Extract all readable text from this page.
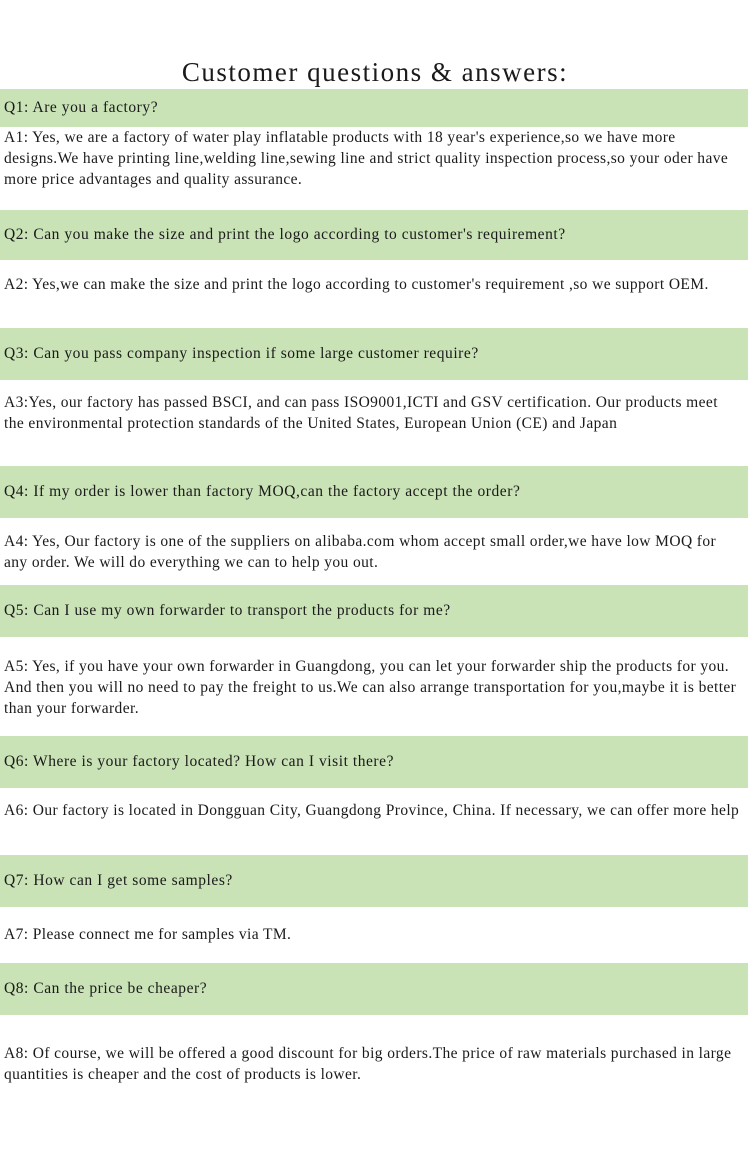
Customer questions & answers:
Q1: Are you a factory?

A1: Yes, we are a factory of water play inflatable products with 18 year's experience,so we have more designs.We have printing line,welding line,sewing line and strict quality inspection process,so your oder have more price advantages and quality assurance.

Q2: Can you make the size and print the logo according to customer's requirement?

A2: Yes,we can make the size and print the logo according to customer's requirement ,so we support OEM.

Q3: Can you pass company inspection if some large customer require?

A3:Yes, our factory has passed BSCI, and can pass ISO9001,ICTI and GSV certification. Our products meet the environmental protection standards of the United States, European Union (CE) and Japan

Q4: If my order is lower than factory MOQ,can the factory accept the order?

A4: Yes, Our factory is one of the suppliers on alibaba.com whom accept small order,we have low MOQ for any order. We will do everything we can to help you out.

Q5: Can I use my own forwarder to transport the products for me?

A5: Yes, if you have your own forwarder in Guangdong, you can let your forwarder ship the products for you. And then you will no need to pay the freight to us.We can also arrange transportation for you,maybe it is better than your forwarder.

Q6: Where is your factory located? How can I visit there?

A6: Our factory is located in Dongguan City, Guangdong Province, China. If necessary, we can offer more help

Q7: How can I get some samples?

A7: Please connect me for samples via TM.

Q8: Can the price be cheaper?

A8: Of course, we will be offered a good discount for big orders.The price of raw materials purchased in large quantities is cheaper and the cost of products is lower.
